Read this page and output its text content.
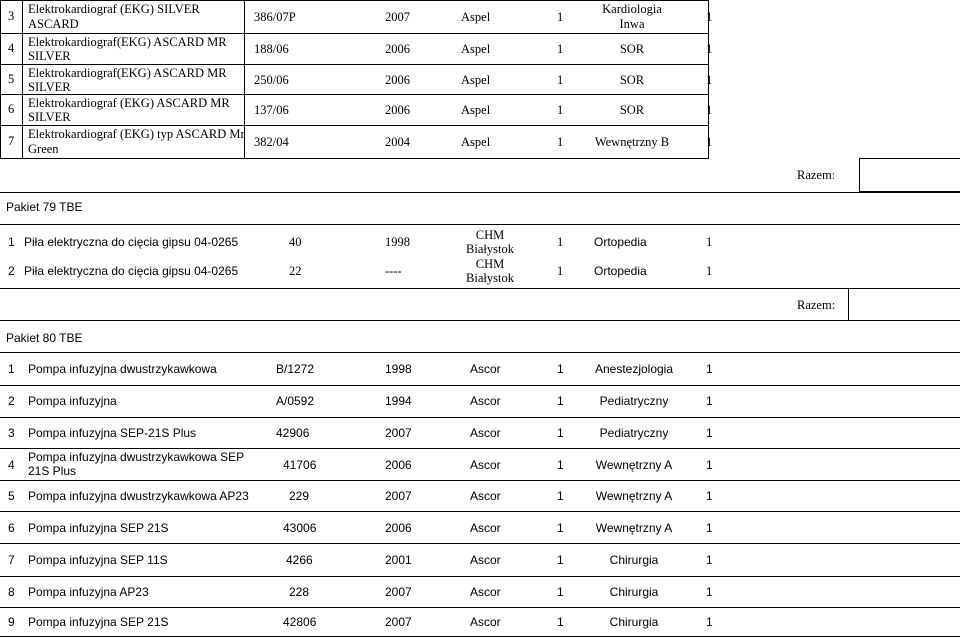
3 Elektrokardiograf (EKG) SILVER
ASCARD	386/07P	2007	Aspel	1
Kardiologia
Inwa	1
4 Elektrokardiograf(EKG) ASCARD MR
SILVER	188/06	2006	Aspel	1	SOR	1
5 Elektrokardiograf(EKG) ASCARD MR
SILVER	250/06	2006	Aspel	1	SOR	1
6 Elektrokardiograf (EKG) ASCARD MR
SILVER	137/06	2006	Aspel	1	SOR	1
7 Elektrokardiograf (EKG) typ ASCARD Mr
Green	382/04	2004	Aspel	1	Wewnętrzny B	1
Razem:
Pakiet 79 TBE
1 Piła elektryczna do cięcia gipsu 04-0265	40	1998	CHM
Białystok	1	Ortopedia	1
2 Piła elektryczna do cięcia gipsu 04-0265	22	----	CHM
Białystok	1	Ortopedia	1
Razem:
Pakiet 80 TBE
1 Pompa infuzyjna dwustrzykawkowa	B/1272	1998	Ascor	1	Anestezjologia	1
2 Pompa infuzyjna	A/0592	1994	Ascor	1	Pediatryczny	1
3 Pompa infuzyjna SEP-21S Plus	42906	2007	Ascor	1	Pediatryczny	1
4
Pompa infuzyjna dwustrzykawkowa SEP
21S Plus	41706	2006	Ascor	1	Wewnętrzny A	1
5 Pompa infuzyjna dwustrzykawkowa AP23	229	2007	Ascor	1	Wewnętrzny A	1
6 Pompa infuzyjna SEP 21S	43006	2006	Ascor	1	Wewnętrzny A	1
7 Pompa infuzyjna SEP 11S	4266	2001	Ascor	1	Chirurgia	1
8 Pompa infuzyjna AP23	228	2007	Ascor	1	Chirurgia	1
9 Pompa infuzyjna SEP 21S	42806	2007	Ascor	1	Chirurgia	1
